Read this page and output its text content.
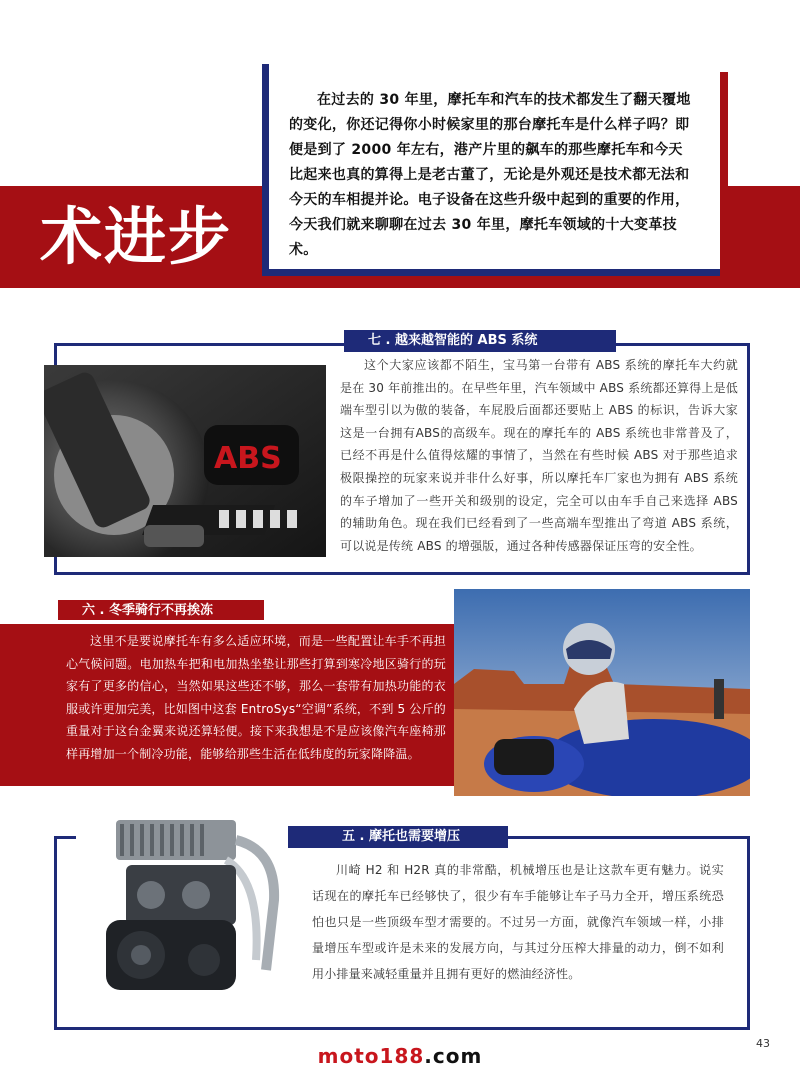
术进步

在过去的 30 年里，摩托车和汽车的技术都发生了翻天覆地的变化，你还记得你小时候家里的那台摩托车是什么样子吗？即便是到了 2000 年左右，港产片里的飙车的那些摩托车和今天比起来也真的算得上是老古董了，无论是外观还是技术都无法和今天的车相提并论。电子设备在这些升级中起到的重要的作用，今天我们就来聊聊在过去 30 年里，摩托车领域的十大变革技术。

七 . 越来越智能的 ABS 系统
ABS

这个大家应该都不陌生，宝马第一台带有 ABS 系统的摩托车大约就是在 30 年前推出的。在早些年里，汽车领域中 ABS 系统都还算得上是低端车型引以为傲的装备，车屁股后面都还要贴上 ABS 的标识，告诉大家这是一台拥有ABS的高级车。现在的摩托车的 ABS 系统也非常普及了，已经不再是什么值得炫耀的事情了，当然在有些时候 ABS 对于那些追求极限操控的玩家来说并非什么好事，所以摩托车厂家也为拥有 ABS 系统的车子增加了一些开关和级别的设定，完全可以由车手自己来选择 ABS 的辅助角色。现在我们已经看到了一些高端车型推出了弯道 ABS 系统，可以说是传统 ABS 的增强版，通过各种传感器保证压弯的安全性。

六 . 冬季骑行不再挨冻

这里不是要说摩托车有多么适应环境，而是一些配置让车手不再担心气候问题。电加热车把和电加热坐垫让那些打算到寒冷地区骑行的玩家有了更多的信心，当然如果这些还不够，那么一套带有加热功能的衣服或许更加完美，比如图中这套 EntroSys“空调”系统，不到 5 公斤的重量对于这台金翼来说还算轻便。接下来我想是不是应该像汽车座椅那样再增加一个制冷功能，能够给那些生活在低纬度的玩家降降温。

五 . 摩托也需要增压

川崎 H2 和 H2R 真的非常酷，机械增压也是让这款车更有魅力。说实话现在的摩托车已经够快了，很少有车手能够让车子马力全开，增压系统恐怕也只是一些顶级车型才需要的。不过另一方面，就像汽车领域一样，小排量增压车型或许是未来的发展方向，与其过分压榨大排量的动力，倒不如利用小排量来减轻重量并且拥有更好的燃油经济性。

moto188.com
43
